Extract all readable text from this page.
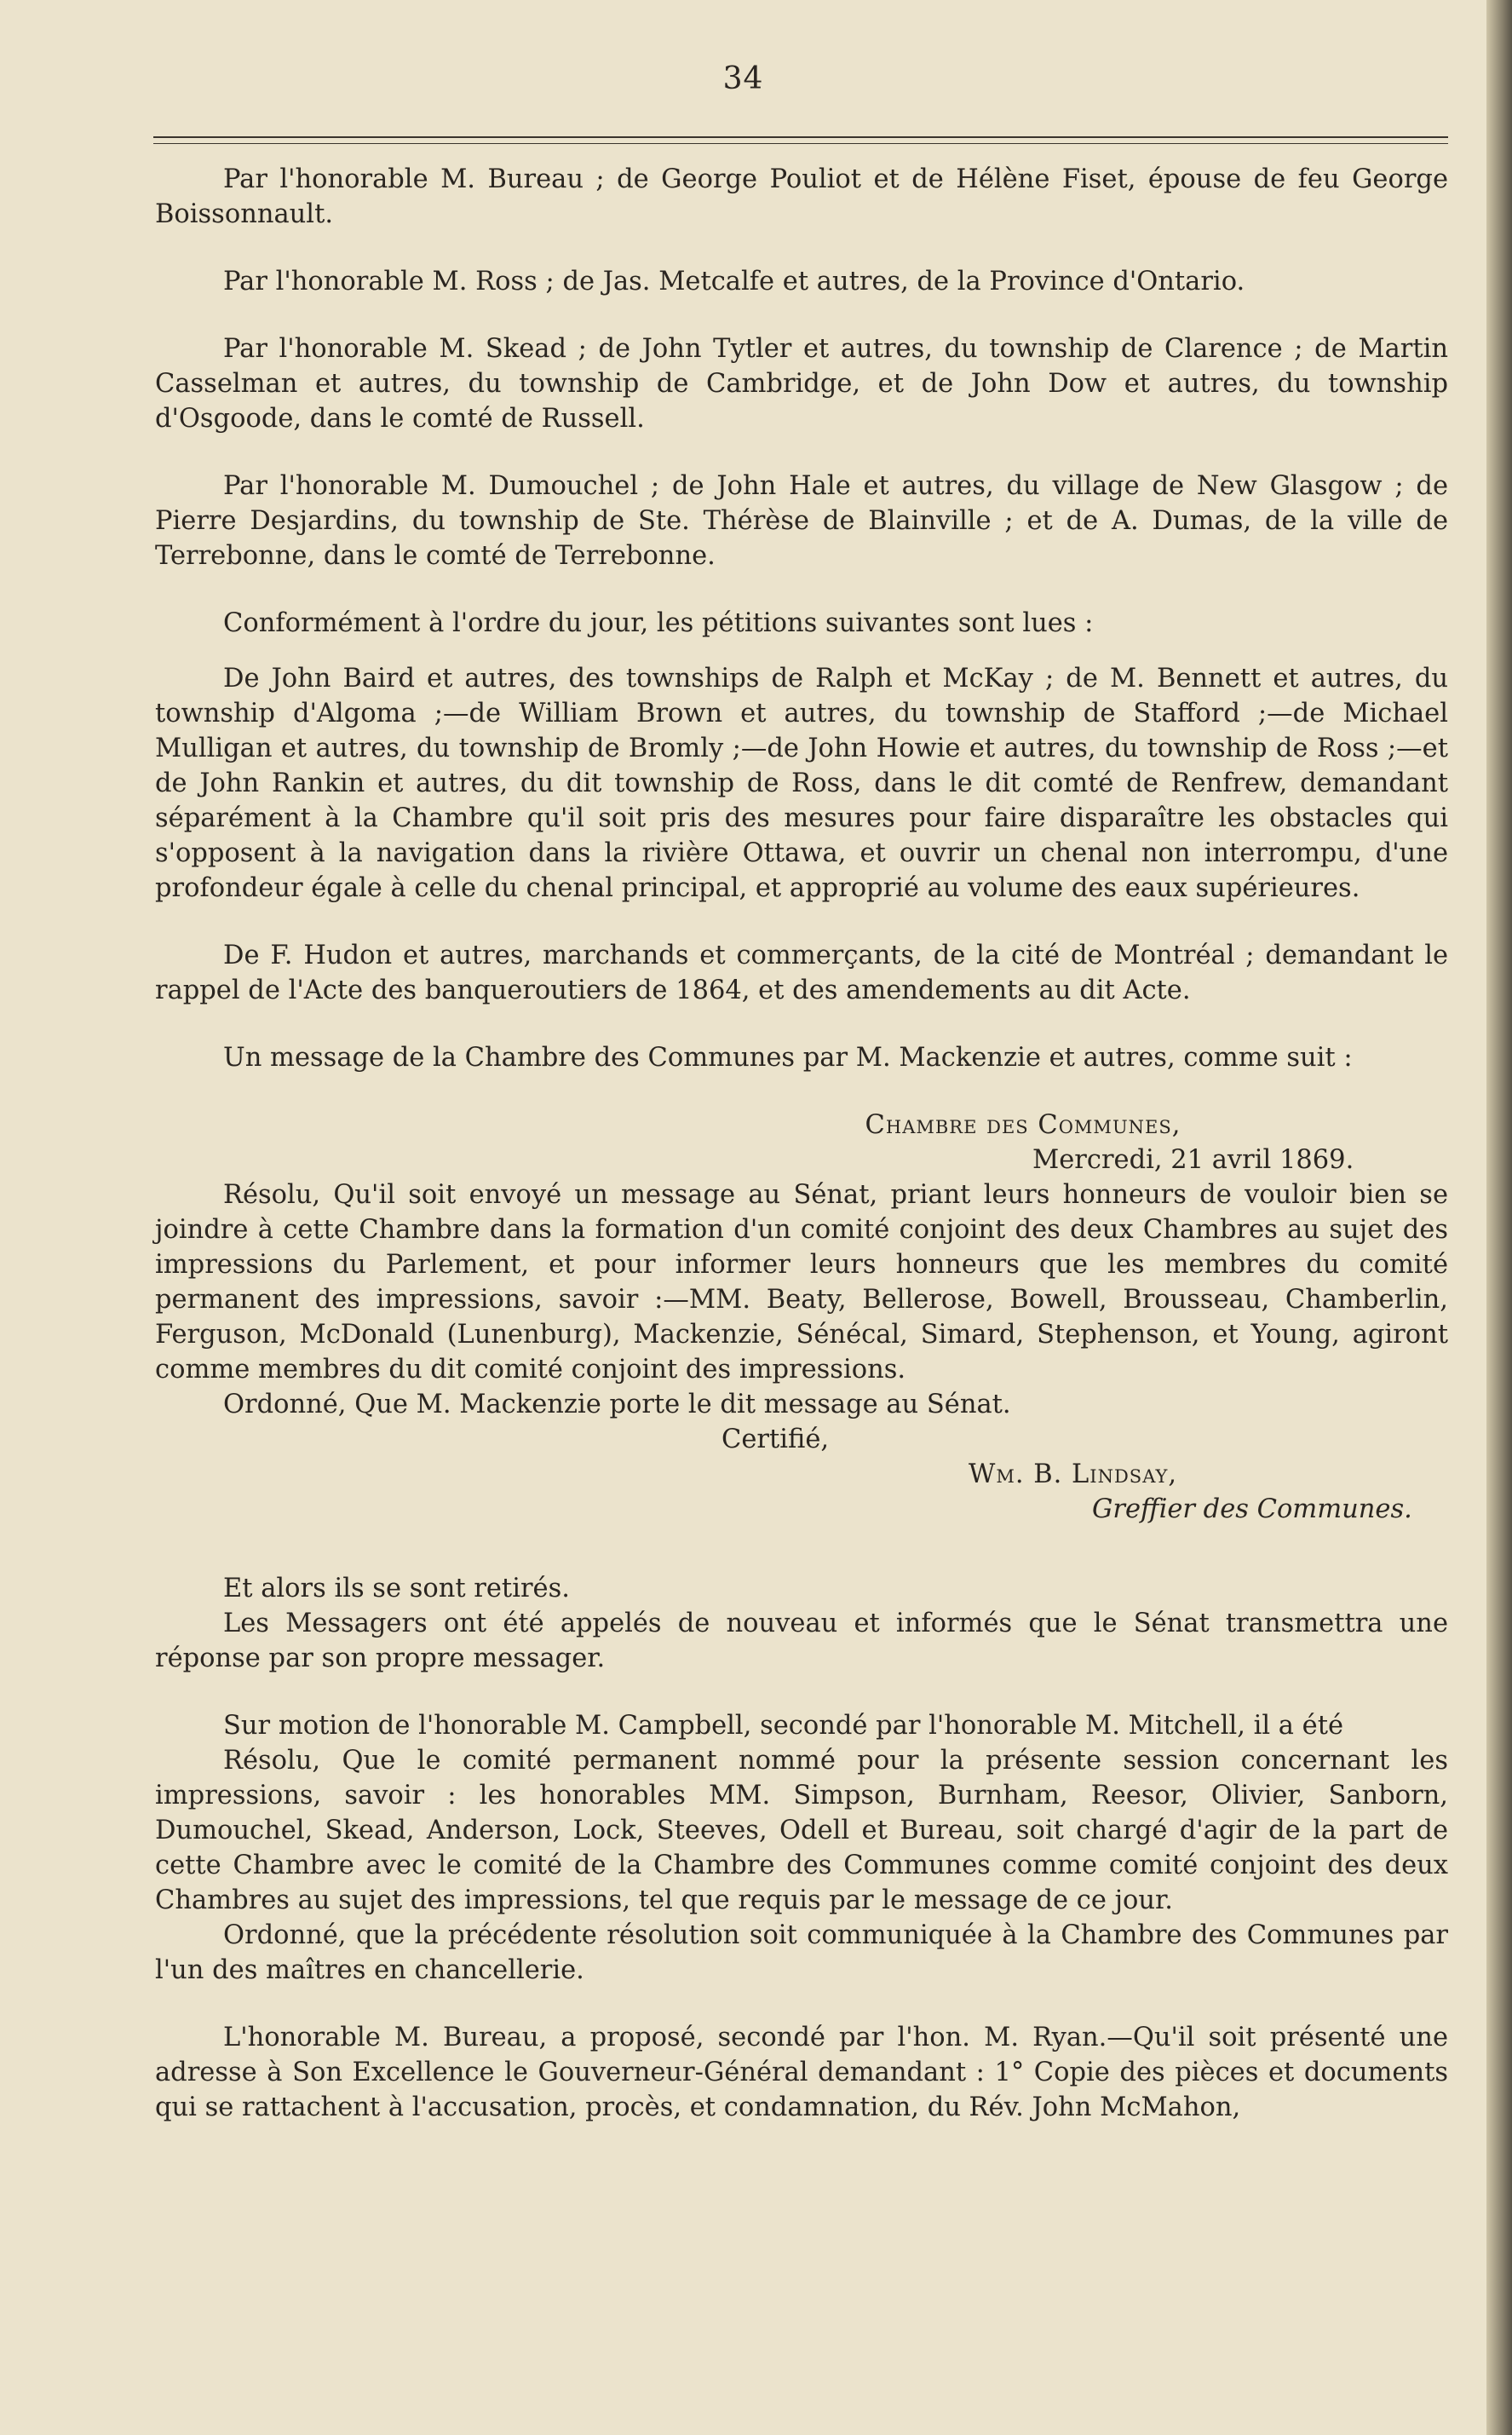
34

Par l'honorable M. Bureau ; de George Pouliot et de Hélène Fiset, épouse de feu George Boissonnault.

Par l'honorable M. Ross ; de Jas. Metcalfe et autres, de la Province d'Ontario.

Par l'honorable M. Skead ; de John Tytler et autres, du township de Clarence ; de Martin Casselman et autres, du township de Cambridge, et de John Dow et autres, du township d'Osgoode, dans le comté de Russell.

Par l'honorable M. Dumouchel ; de John Hale et autres, du village de New Glasgow ; de Pierre Desjardins, du township de Ste. Thérèse de Blainville ; et de A. Dumas, de la ville de Terrebonne, dans le comté de Terrebonne.

Conformément à l'ordre du jour, les pétitions suivantes sont lues :

De John Baird et autres, des townships de Ralph et McKay ; de M. Bennett et autres, du township d'Algoma ;—de William Brown et autres, du township de Stafford ;—de Michael Mulligan et autres, du township de Bromly ;—de John Howie et autres, du township de Ross ;—et de John Rankin et autres, du dit township de Ross, dans le dit comté de Renfrew, demandant séparément à la Chambre qu'il soit pris des mesures pour faire disparaître les obstacles qui s'opposent à la navigation dans la rivière Ottawa, et ouvrir un chenal non interrompu, d'une profondeur égale à celle du chenal principal, et approprié au volume des eaux supérieures.

De F. Hudon et autres, marchands et commerçants, de la cité de Montréal ; demandant le rappel de l'Acte des banqueroutiers de 1864, et des amendements au dit Acte.

Un message de la Chambre des Communes par M. Mackenzie et autres, comme suit :

Chambre des Communes,

Mercredi, 21 avril 1869.

Résolu, Qu'il soit envoyé un message au Sénat, priant leurs honneurs de vouloir bien se joindre à cette Chambre dans la formation d'un comité conjoint des deux Chambres au sujet des impressions du Parlement, et pour informer leurs honneurs que les membres du comité permanent des impressions, savoir :—MM. Beaty, Bellerose, Bowell, Brousseau, Chamberlin, Ferguson, McDonald (Lunenburg), Mackenzie, Sénécal, Simard, Stephenson, et Young, agiront comme membres du dit comité conjoint des impressions.

Ordonné, Que M. Mackenzie porte le dit message au Sénat.

Certifié,

Wm. B. Lindsay,

Greffier des Communes.

Et alors ils se sont retirés.

Les Messagers ont été appelés de nouveau et informés que le Sénat transmettra une réponse par son propre messager.

Sur motion de l'honorable M. Campbell, secondé par l'honorable M. Mitchell, il a été

Résolu, Que le comité permanent nommé pour la présente session concernant les impressions, savoir : les honorables MM. Simpson, Burnham, Reesor, Olivier, Sanborn, Dumouchel, Skead, Anderson, Lock, Steeves, Odell et Bureau, soit chargé d'agir de la part de cette Chambre avec le comité de la Chambre des Communes comme comité conjoint des deux Chambres au sujet des impressions, tel que requis par le message de ce jour.

Ordonné, que la précédente résolution soit communiquée à la Chambre des Communes par l'un des maîtres en chancellerie.

L'honorable M. Bureau, a proposé, secondé par l'hon. M. Ryan.—Qu'il soit présenté une adresse à Son Excellence le Gouverneur-Général demandant : 1° Copie des pièces et documents qui se rattachent à l'accusation, procès, et condamnation, du Rév. John McMahon,
